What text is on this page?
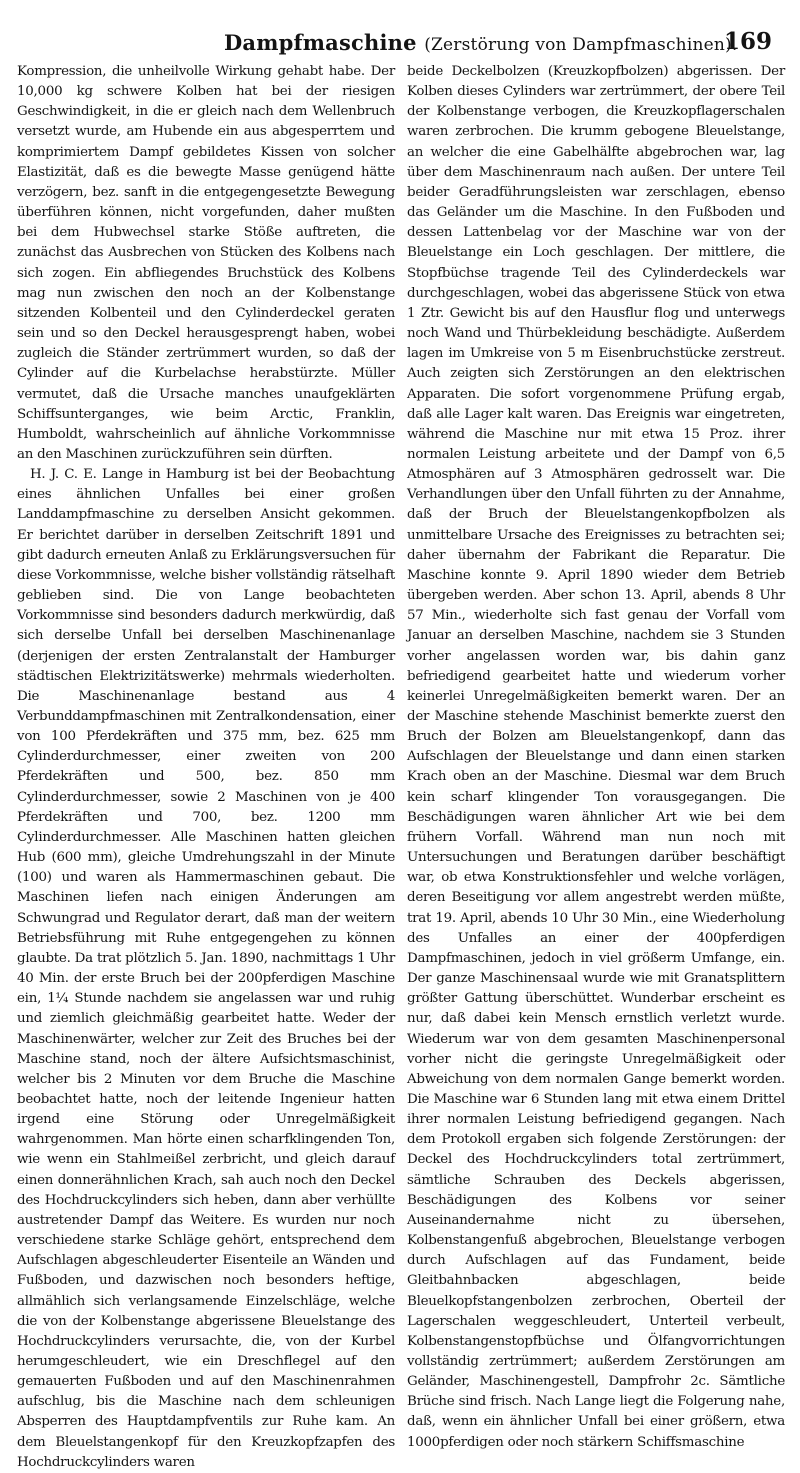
Dampfmaschine (Zerstörung von Dampfmaschinen).
169

Kompression, die unheilvolle Wirkung gehabt habe. Der 10,000 kg schwere Kolben hat bei der riesigen Geschwindigkeit, in die er gleich nach dem Wellenbruch versetzt wurde, am Hubende ein aus abgesperrtem und komprimiertem Dampf gebildetes Kissen von solcher Elastizität, daß es die bewegte Masse genügend hätte verzögern, bez. sanft in die entgegengesetzte Bewegung überführen können, nicht vorgefunden, daher mußten bei dem Hubwechsel starke Stöße auftreten, die zunächst das Ausbrechen von Stücken des Kolbens nach sich zogen. Ein abfliegendes Bruchstück des Kolbens mag nun zwischen den noch an der Kolbenstange sitzenden Kolbenteil und den Cylinderdeckel geraten sein und so den Deckel herausgesprengt haben, wobei zugleich die Ständer zertrümmert wurden, so daß der Cylinder auf die Kurbelachse herabstürzte. Müller vermutet, daß die Ursache manches unaufgeklärten Schiffsunterganges, wie beim Arctic, Franklin, Humboldt, wahrscheinlich auf ähnliche Vorkommnisse an den Maschinen zurückzuführen sein dürften.

H. J. C. E. Lange in Hamburg ist bei der Beobachtung eines ähnlichen Unfalles bei einer großen Landdampfmaschine zu derselben Ansicht gekommen. Er berichtet darüber in derselben Zeitschrift 1891 und gibt dadurch erneuten Anlaß zu Erklärungsversuchen für diese Vorkommnisse, welche bisher vollständig rätselhaft geblieben sind. Die von Lange beobachteten Vorkommnisse sind besonders dadurch merkwürdig, daß sich derselbe Unfall bei derselben Maschinenanlage (derjenigen der ersten Zentralanstalt der Hamburger städtischen Elektrizitätswerke) mehrmals wiederholten. Die Maschinenanlage bestand aus 4 Verbunddampfmaschinen mit Zentralkondensation, einer von 100 Pferdekräften und 375 mm, bez. 625 mm Cylinderdurchmesser, einer zweiten von 200 Pferdekräften und 500, bez. 850 mm Cylinderdurchmesser, sowie 2 Maschinen von je 400 Pferdekräften und 700, bez. 1200 mm Cylinderdurchmesser. Alle Maschinen hatten gleichen Hub (600 mm), gleiche Umdrehungszahl in der Minute (100) und waren als Hammermaschinen gebaut. Die Maschinen liefen nach einigen Änderungen am Schwungrad und Regulator derart, daß man der weitern Betriebsführung mit Ruhe entgegengehen zu können glaubte. Da trat plötzlich 5. Jan. 1890, nachmittags 1 Uhr 40 Min. der erste Bruch bei der 200pferdigen Maschine ein, 1¼ Stunde nachdem sie angelassen war und ruhig und ziemlich gleichmäßig gearbeitet hatte. Weder der Maschinenwärter, welcher zur Zeit des Bruches bei der Maschine stand, noch der ältere Aufsichtsmaschinist, welcher bis 2 Minuten vor dem Bruche die Maschine beobachtet hatte, noch der leitende Ingenieur hatten irgend eine Störung oder Unregelmäßigkeit wahrgenommen. Man hörte einen scharfklingenden Ton, wie wenn ein Stahlmeißel zerbricht, und gleich darauf einen donnerähnlichen Krach, sah auch noch den Deckel des Hochdruckcylinders sich heben, dann aber verhüllte austretender Dampf das Weitere. Es wurden nur noch verschiedene starke Schläge gehört, entsprechend dem Aufschlagen abgeschleuderter Eisenteile an Wänden und Fußboden, und dazwischen noch besonders heftige, allmählich sich verlangsamende Einzelschläge, welche die von der Kolbenstange abgerissene Bleuelstange des Hochdruckcylinders verursachte, die, von der Kurbel herumgeschleudert, wie ein Dreschflegel auf den gemauerten Fußboden und auf den Maschinenrahmen aufschlug, bis die Maschine nach dem schleunigen Absperren des Hauptdampfventils zur Ruhe kam. An dem Bleuelstangenkopf für den Kreuzkopfzapfen des Hochdruckcylinders waren

beide Deckelbolzen (Kreuzkopfbolzen) abgerissen. Der Kolben dieses Cylinders war zertrümmert, der obere Teil der Kolbenstange verbogen, die Kreuzkopflagerschalen waren zerbrochen. Die krumm gebogene Bleuelstange, an welcher die eine Gabelhälfte abgebrochen war, lag über dem Maschinenraum nach außen. Der untere Teil beider Geradführungsleisten war zerschlagen, ebenso das Geländer um die Maschine. In den Fußboden und dessen Lattenbelag vor der Maschine war von der Bleuelstange ein Loch geschlagen. Der mittlere, die Stopfbüchse tragende Teil des Cylinderdeckels war durchgeschlagen, wobei das abgerissene Stück von etwa 1 Ztr. Gewicht bis auf den Hausflur flog und unterwegs noch Wand und Thürbekleidung beschädigte. Außerdem lagen im Umkreise von 5 m Eisenbruchstücke zerstreut. Auch zeigten sich Zerstörungen an den elektrischen Apparaten. Die sofort vorgenommene Prüfung ergab, daß alle Lager kalt waren. Das Ereignis war eingetreten, während die Maschine nur mit etwa 15 Proz. ihrer normalen Leistung arbeitete und der Dampf von 6,5 Atmosphären auf 3 Atmosphären gedrosselt war. Die Verhandlungen über den Unfall führten zu der Annahme, daß der Bruch der Bleuelstangenkopfbolzen als unmittelbare Ursache des Ereignisses zu betrachten sei; daher übernahm der Fabrikant die Reparatur. Die Maschine konnte 9. April 1890 wieder dem Betrieb übergeben werden. Aber schon 13. April, abends 8 Uhr 57 Min., wiederholte sich fast genau der Vorfall vom Januar an derselben Maschine, nachdem sie 3 Stunden vorher angelassen worden war, bis dahin ganz befriedigend gearbeitet hatte und wiederum vorher keinerlei Unregelmäßigkeiten bemerkt waren. Der an der Maschine stehende Maschinist bemerkte zuerst den Bruch der Bolzen am Bleuelstangenkopf, dann das Aufschlagen der Bleuelstange und dann einen starken Krach oben an der Maschine. Diesmal war dem Bruch kein scharf klingender Ton vorausgegangen. Die Beschädigungen waren ähnlicher Art wie bei dem frühern Vorfall. Während man nun noch mit Untersuchungen und Beratungen darüber beschäftigt war, ob etwa Konstruktionsfehler und welche vorlägen, deren Beseitigung vor allem angestrebt werden müßte, trat 19. April, abends 10 Uhr 30 Min., eine Wiederholung des Unfalles an einer der 400pferdigen Dampfmaschinen, jedoch in viel größerm Umfange, ein. Der ganze Maschinensaal wurde wie mit Granatsplittern größter Gattung überschüttet. Wunderbar erscheint es nur, daß dabei kein Mensch ernstlich verletzt wurde. Wiederum war von dem gesamten Maschinenpersonal vorher nicht die geringste Unregelmäßigkeit oder Abweichung von dem normalen Gange bemerkt worden. Die Maschine war 6 Stunden lang mit etwa einem Drittel ihrer normalen Leistung befriedigend gegangen. Nach dem Protokoll ergaben sich folgende Zerstörungen: der Deckel des Hochdruckcylinders total zertrümmert, sämtliche Schrauben des Deckels abgerissen, Beschädigungen des Kolbens vor seiner Auseinandernahme nicht zu übersehen, Kolbenstangenfuß abgebrochen, Bleuelstange verbogen durch Aufschlagen auf das Fundament, beide Gleitbahnbacken abgeschlagen, beide Bleuelkopfstangenbolzen zerbrochen, Oberteil der Lagerschalen weggeschleudert, Unterteil verbeult, Kolbenstangenstopfbüchse und Ölfangvorrichtungen vollständig zertrümmert; außerdem Zerstörungen am Geländer, Maschinengestell, Dampfrohr 2c. Sämtliche Brüche sind frisch. Nach Lange liegt die Folgerung nahe, daß, wenn ein ähnlicher Unfall bei einer größern, etwa 1000pferdigen oder noch stärkern Schiffsmaschine
